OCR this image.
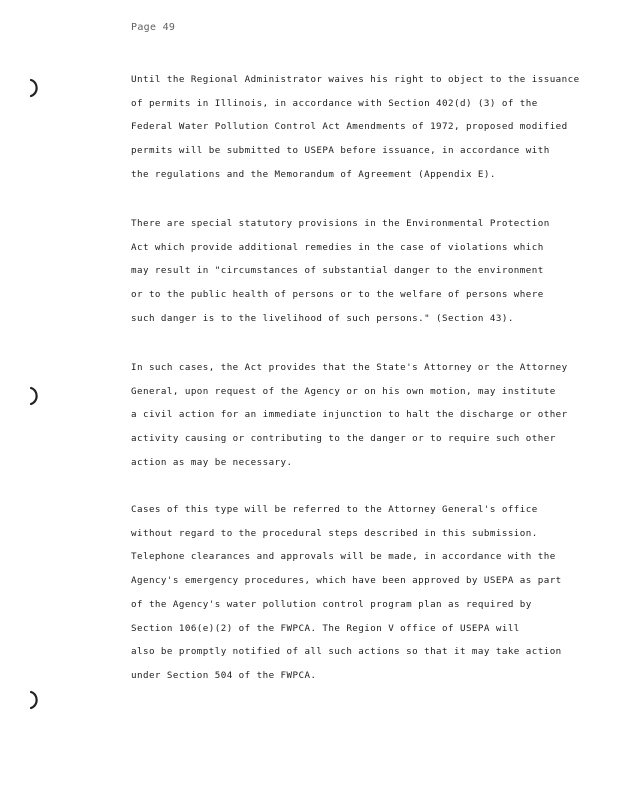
Page 49
Until the Regional Administrator waives his right to object to the issuance
of permits in Illinois, in accordance with Section 402(d) (3) of the
Federal Water Pollution Control Act Amendments of 1972, proposed modified
permits will be submitted to USEPA before issuance, in accordance with
the regulations and the Memorandum of Agreement (Appendix E).
There are special statutory provisions in the Environmental Protection
Act which provide additional remedies in the case of violations which
may result in "circumstances of substantial danger to the environment
or to the public health of persons or to the welfare of persons where
such danger is to the livelihood of such persons." (Section 43).
In such cases, the Act provides that the State's Attorney or the Attorney
General, upon request of the Agency or on his own motion, may institute
a civil action for an immediate injunction to halt the discharge or other
activity causing or contributing to the danger or to require such other
action as may be necessary.
Cases of this type will be referred to the Attorney General's office
without regard to the procedural steps described in this submission.
Telephone clearances and approvals will be made, in accordance with the
Agency's emergency procedures, which have been approved by USEPA as part
of the Agency's water pollution control program plan as required by
Section 106(e)(2) of the FWPCA. The Region V office of USEPA will
also be promptly notified of all such actions so that it may take action
under Section 504 of the FWPCA.
